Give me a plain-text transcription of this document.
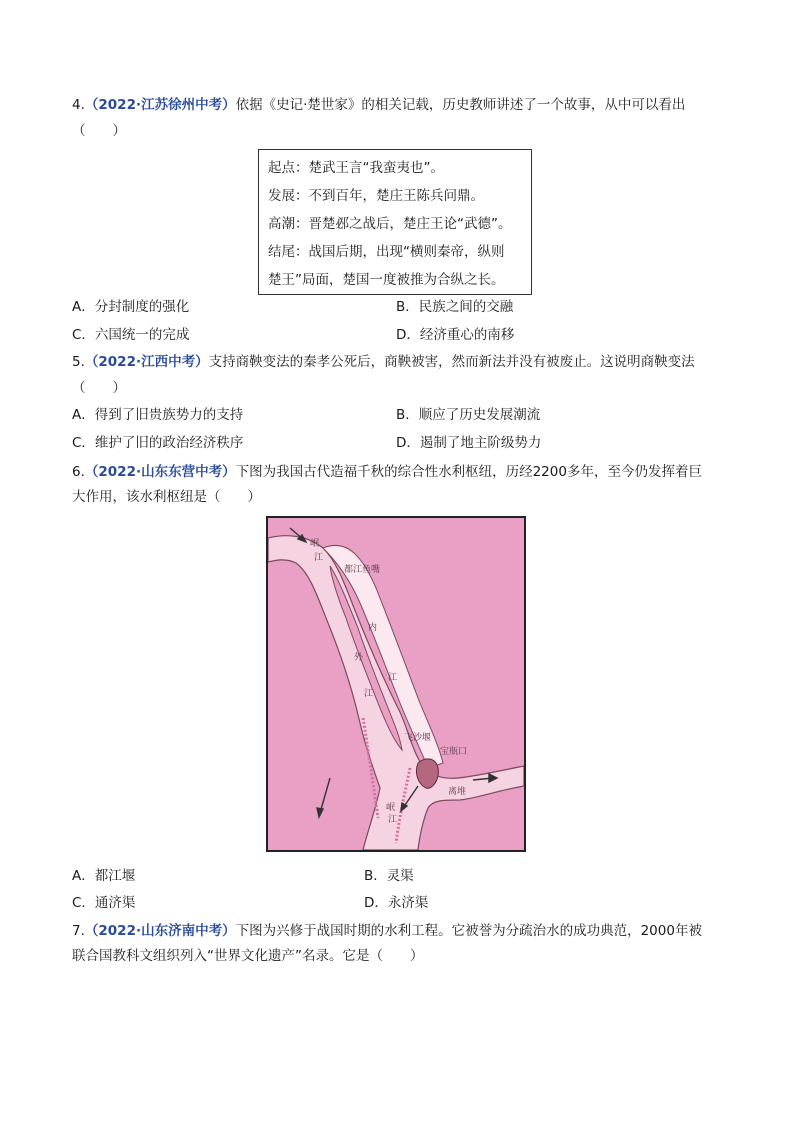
4.（2022·江苏徐州中考）依据《史记·楚世家》的相关记载，历史教师讲述了一个故事，从中可以看出
（　　）
起点：楚武王言“我蛮夷也”。
发展：不到百年，楚庄王陈兵问鼎。
高潮：晋楚邲之战后，楚庄王论“武德”。
结尾：战国后期，出现“横则秦帝，纵则
楚王”局面，楚国一度被推为合纵之长。
A．分封制度的强化	B．民族之间的交融
C．六国统一的完成	D．经济重心的南移
5.（2022·江西中考）支持商鞅变法的秦孝公死后，商鞅被害，然而新法并没有被废止。这说明商鞅变法
（　　）
A．得到了旧贵族势力的支持	B．顺应了历史发展潮流
C．维护了旧的政治经济秩序	D．遏制了地主阶级势力
6.（2022·山东东营中考）下图为我国古代造福千秋的综合性水利枢纽，历经2200多年，至今仍发挥着巨
大作用，该水利枢纽是（　　）
岷
江
都江鱼嘴
内
外
江
江
飞沙堰
宝瓶口
离堆
岷
江
A．都江堰	B．灵渠
C．通济渠	D．永济渠
7.（2022·山东济南中考）下图为兴修于战国时期的水利工程。它被誉为分疏治水的成功典范，2000年被
联合国教科文组织列入“世界文化遗产”名录。它是（　　）
